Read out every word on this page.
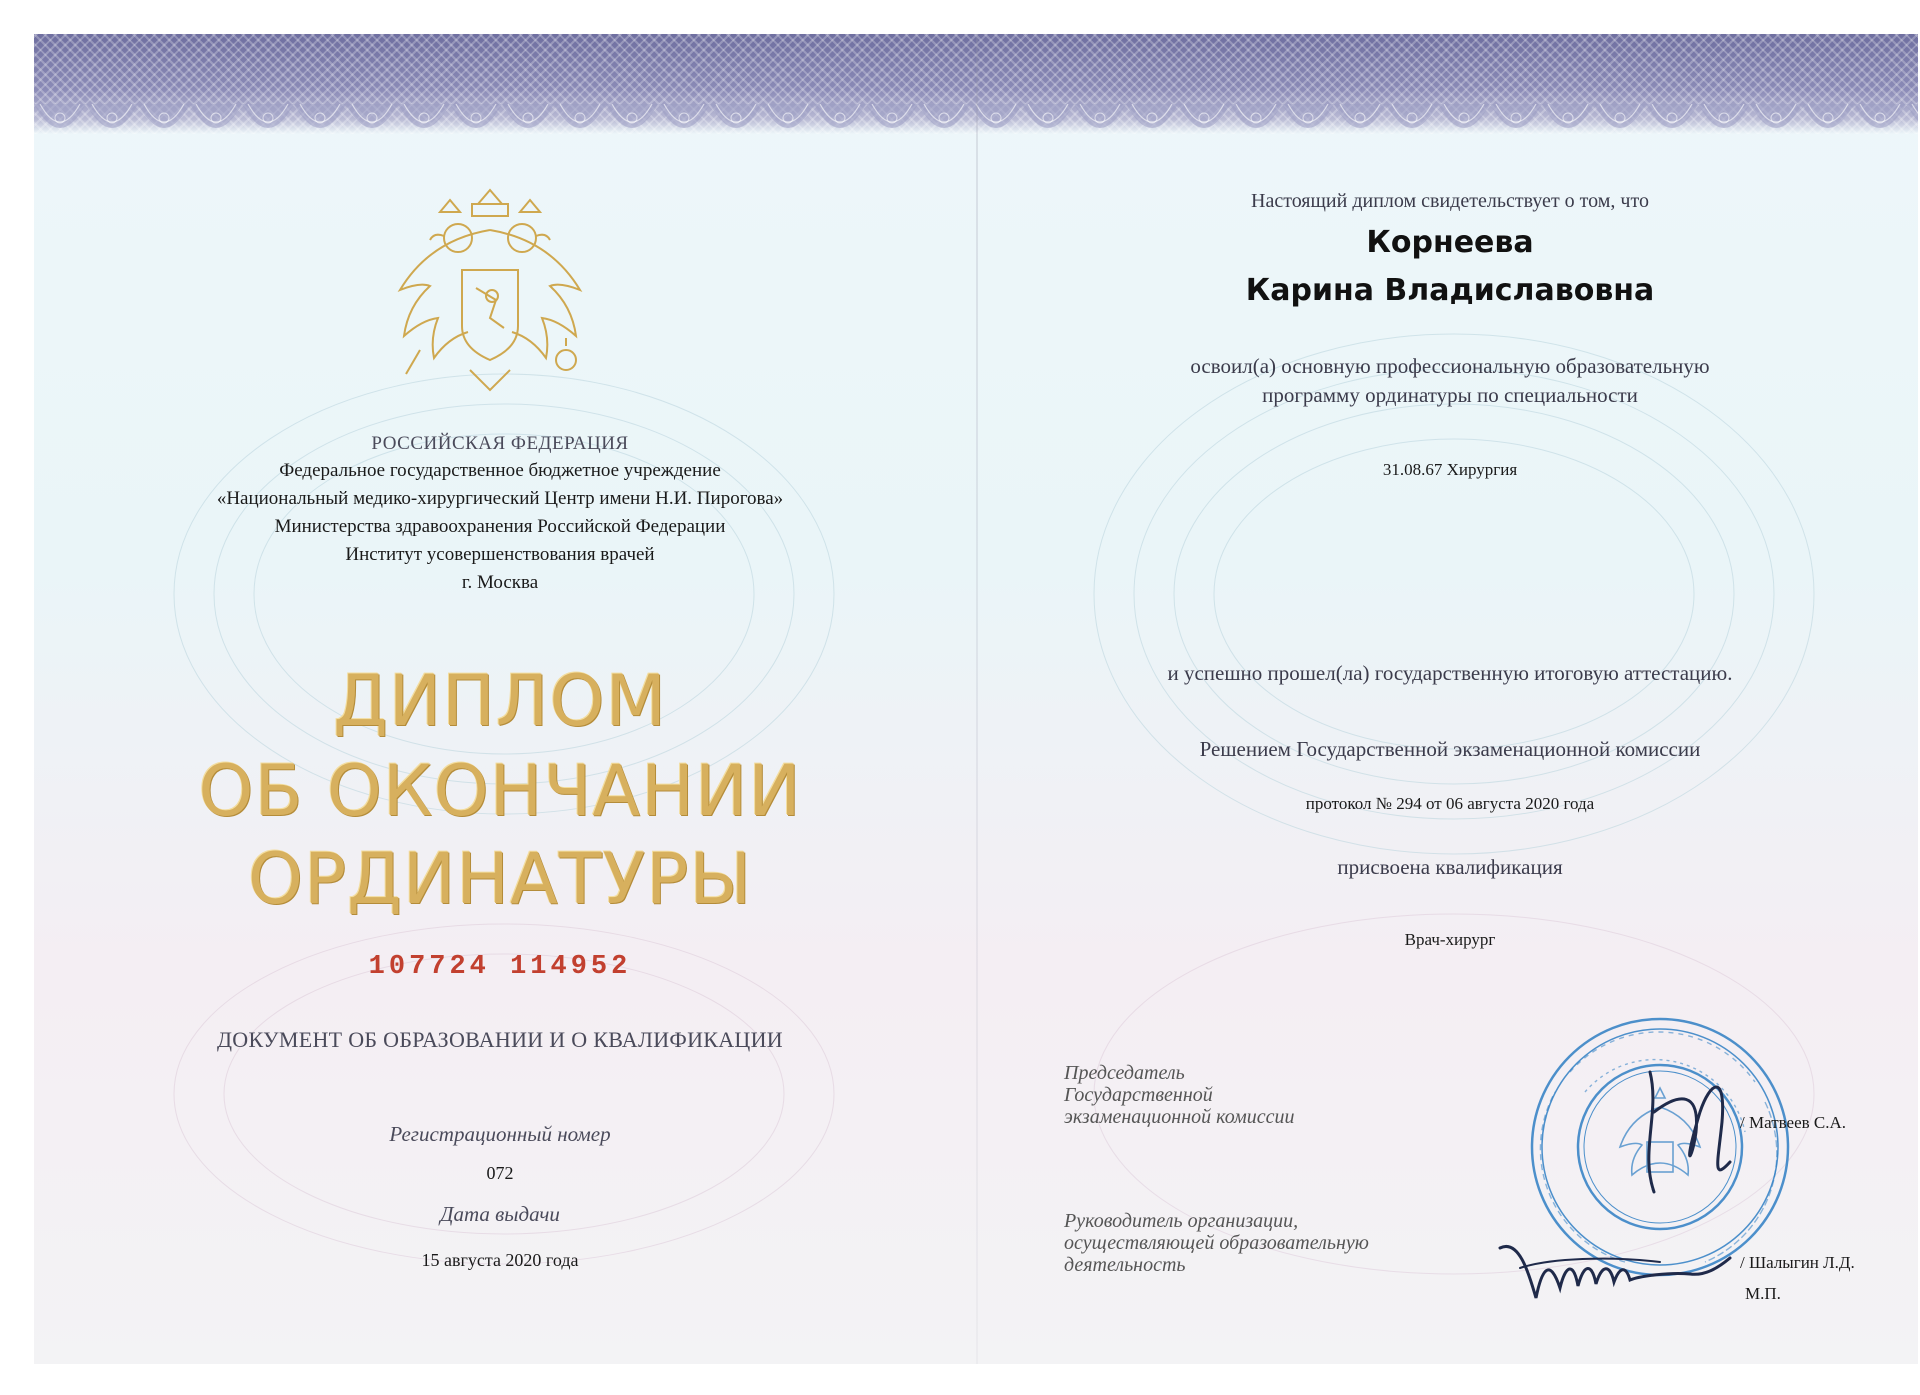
РОССИЙСКАЯ ФЕДЕРАЦИЯ
Федеральное государственное бюджетное учреждение
«Национальный медико-хирургический Центр имени Н.И. Пирогова»
Министерства здравоохранения Российской Федерации
Институт усовершенствования врачей
г. Москва
ДИПЛОМ
ОБ ОКОНЧАНИИ
ОРДИНАТУРЫ
107724 114952
ДОКУМЕНТ ОБ ОБРАЗОВАНИИ И О КВАЛИФИКАЦИИ
Регистрационный номер
072
Дата выдачи
15 августа 2020 года
Настоящий диплом свидетельствует о том, что
Корнеева
Карина Владиславовна
освоил(а) основную профессиональную образовательную
программу ординатуры по специальности
31.08.67 Хирургия
и успешно прошел(ла) государственную итоговую аттестацию.
Решением Государственной экзаменационной комиссии
протокол № 294 от 06 августа 2020 года
присвоена квалификация
Врач-хирург
Председатель
Государственной
экзаменационной комиссии
Руководитель организации,
осуществляющей образовательную
деятельность
/ Матвеев С.А.
/ Шалыгин Л.Д.
М.П.
